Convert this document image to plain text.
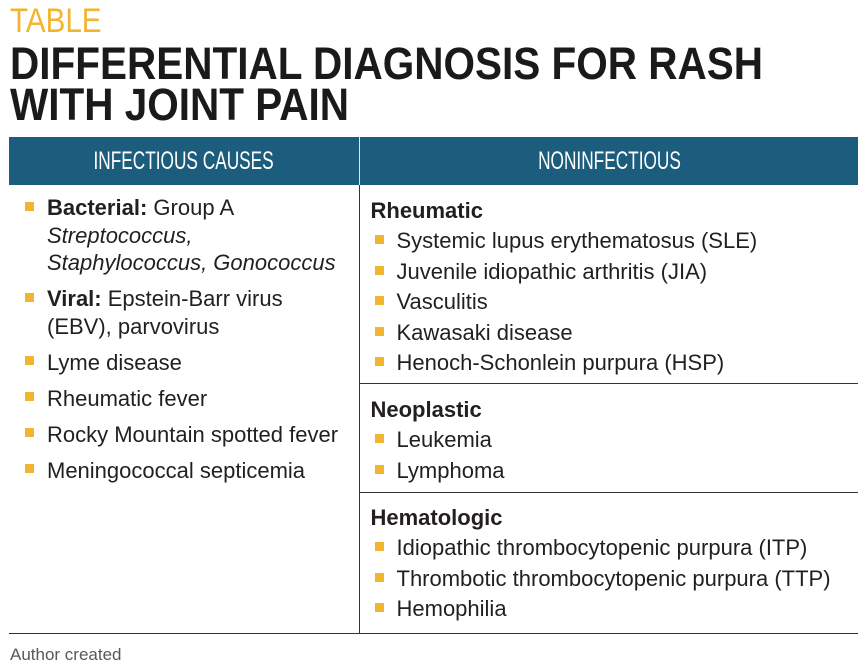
TABLE
DIFFERENTIAL DIAGNOSIS FOR RASH
WITH JOINT PAIN
INFECTIOUS CAUSES	NONINFECTIOUS
Bacterial: Group A Streptococcus, Staphylococcus, Gonococcus
Viral: Epstein-Barr virus (EBV), parvovirus
Lyme disease
Rheumatic fever
Rocky Mountain spotted fever
Meningococcal septicemia
Rheumatic
Systemic lupus erythematosus (SLE)
Juvenile idiopathic arthritis (JIA)
Vasculitis
Kawasaki disease
Henoch-Schonlein purpura (HSP)
Neoplastic
Leukemia
Lymphoma
Hematologic
Idiopathic thrombocytopenic purpura (ITP)
Thrombotic thrombocytopenic purpura (TTP)
Hemophilia
Author created
